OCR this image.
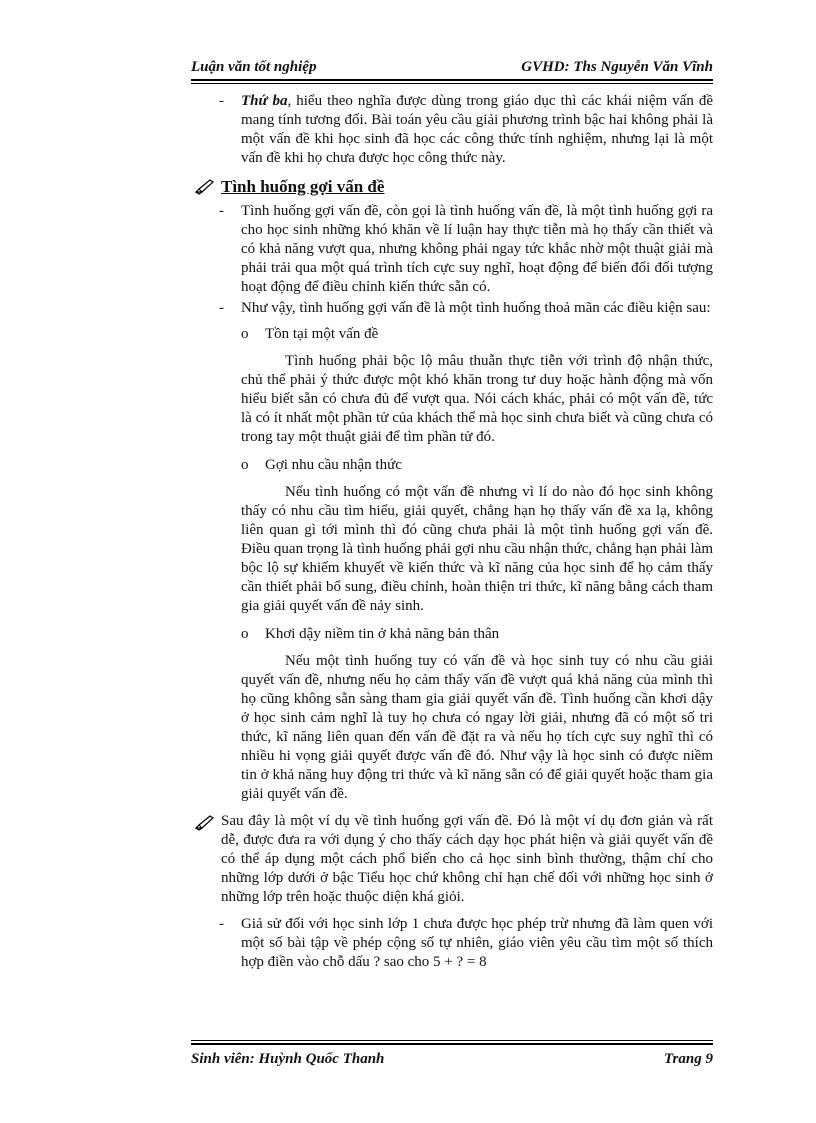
Luận văn tốt nghiệp	GVHD: Ths Nguyễn Văn Vĩnh

- Thứ ba, hiểu theo nghĩa được dùng trong giáo dục thì các khái niệm vấn đề mang tính tương đối. Bài toán yêu cầu giải phương trình bậc hai không phải là một vấn đề khi học sinh đã học các công thức tính nghiệm, nhưng lại là một vấn đề khi họ chưa được học công thức này.

Tình huống gợi vấn đề

- Tình huống gợi vấn đề, còn gọi là tình huống vấn đề, là một tình huống gợi ra cho học sinh những khó khăn về lí luận hay thực tiễn mà họ thấy cần thiết và có khả năng vượt qua, nhưng không phải ngay tức khắc nhờ một thuật giải mà phải trải qua một quá trình tích cực suy nghĩ, hoạt động để biến đổi đối tượng hoạt động để điều chỉnh kiến thức sẵn có.

- Như vậy, tình huống gợi vấn đề là một tình huống thoả mãn các điều kiện sau:

o Tồn tại một vấn đề

Tình huống phải bộc lộ mâu thuẫn thực tiễn với trình độ nhận thức, chủ thể phải ý thức được một khó khăn trong tư duy hoặc hành động mà vốn hiểu biết sẵn có chưa đủ để vượt qua. Nói cách khác, phải có một vấn đề, tức là có ít nhất một phần tử của khách thể mà học sinh chưa biết và cũng chưa có trong tay một thuật giải để tìm phần tử đó.

o Gợi nhu cầu nhận thức

Nếu tình huống có một vấn đề nhưng vì lí do nào đó học sinh không thấy có nhu cầu tìm hiểu, giải quyết, chẳng hạn họ thấy vấn đề xa lạ, không liên quan gì tới mình thì đó cũng chưa phải là một tình huống gợi vấn đề. Điều quan trọng là tình huống phải gợi nhu cầu nhận thức, chẳng hạn phải làm bộc lộ sự khiếm khuyết về kiến thức và kĩ năng của học sinh để họ cảm thấy cần thiết phải bổ sung, điều chỉnh, hoàn thiện tri thức, kĩ năng bằng cách tham gia giải quyết vấn đề nảy sinh.

o Khơi dậy niềm tin ở khả năng bản thân

Nếu một tình huống tuy có vấn đề và học sinh tuy có nhu cầu giải quyết vấn đề, nhưng nếu họ cảm thấy vấn đề vượt quá khả năng của mình thì họ cũng không sẵn sàng tham gia giải quyết vấn đề. Tình huống cần khơi dậy ở học sinh cảm nghĩ là tuy họ chưa có ngay lời giải, nhưng đã có một số tri thức, kĩ năng liên quan đến vấn đề đặt ra và nếu họ tích cực suy nghĩ thì có nhiều hi vọng giải quyết được vấn đề đó. Như vậy là học sinh có được niềm tin ở khả năng huy động tri thức và kĩ năng sẵn có để giải quyết hoặc tham gia giải quyết vấn đề.

Sau đây là một ví dụ về tình huống gợi vấn đề. Đó là một ví dụ đơn giản và rất dễ, được đưa ra với dụng ý cho thấy cách dạy học phát hiện và giải quyết vấn đề có thể áp dụng một cách phổ biến cho cả học sinh bình thường, thậm chí cho những lớp dưới ở bậc Tiểu học chứ không chỉ hạn chế đối với những học sinh ở những lớp trên hoặc thuộc diện khá giỏi.

- Giả sử đối với học sinh lớp 1 chưa được học phép trừ nhưng đã làm quen với một số bài tập về phép cộng số tự nhiên, giáo viên yêu cầu tìm một số thích hợp điền vào chỗ dấu ? sao cho 5 + ? = 8

Sinh viên: Huỳnh Quốc Thanh	Trang 9
